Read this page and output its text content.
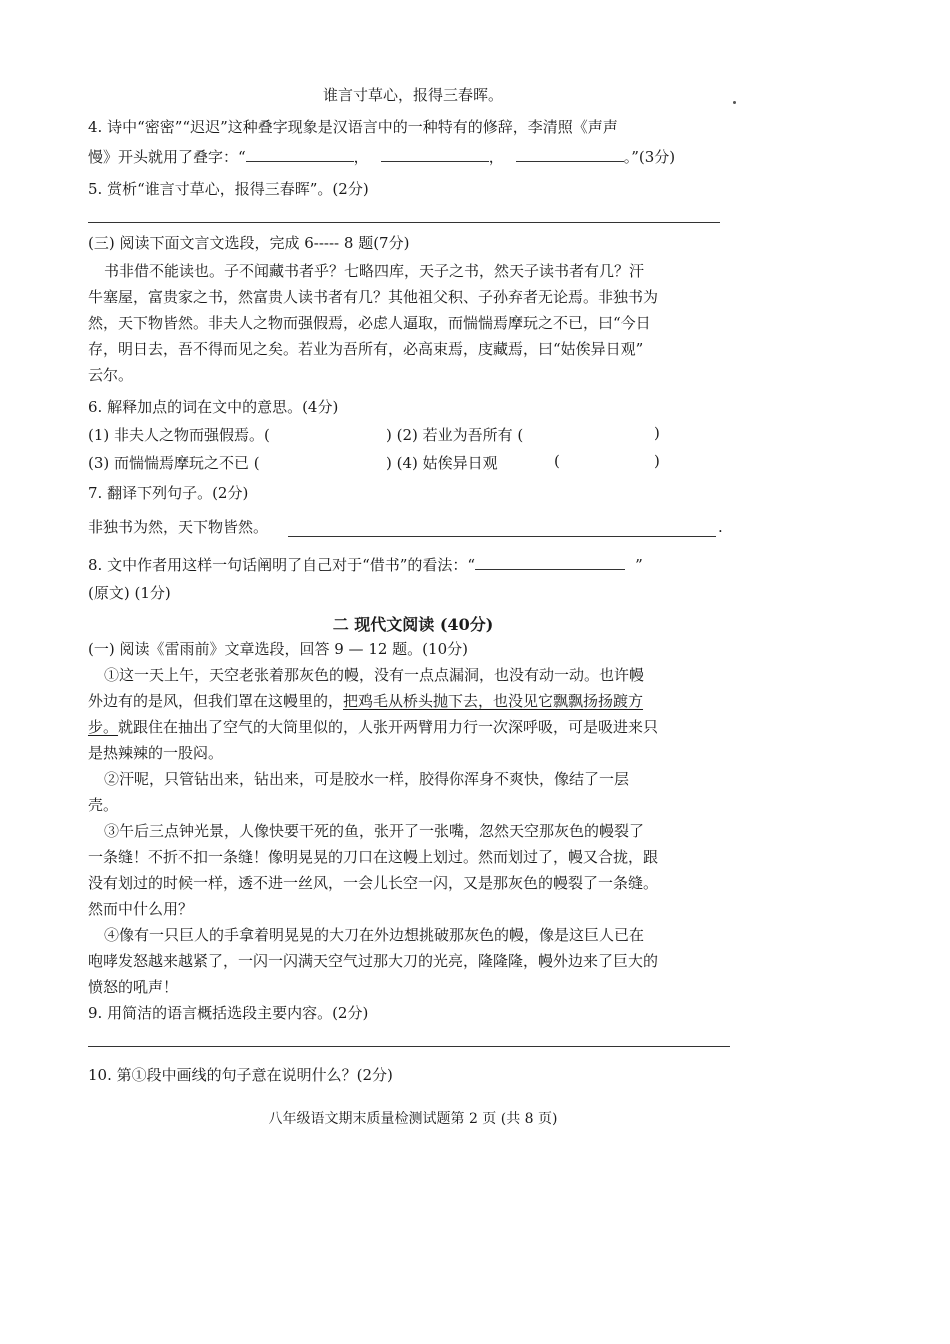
谁言寸草心，报得三春晖。
4. 诗中“密密”“迟迟”这种叠字现象是汉语言中的一种特有的修辞，李清照《声声
慢》开头就用了叠字：“	，	，	。”(3分)
5. 赏析“谁言寸草心，报得三春晖”。(2分)
(三) 阅读下面文言文选段，完成 6----- 8 题(7分)
书非借不能读也。子不闻藏书者乎？七略四库，天子之书，然天子读书者有几？汗
牛塞屋，富贵家之书，然富贵人读书者有几？其他祖父积、子孙弃者无论焉。非独书为
然，天下物皆然。非夫人之物而强假焉，必虑人逼取，而惴惴焉摩玩之不已，曰“今日
存，明日去，吾不得而见之矣。若业为吾所有，必高束焉，庋藏焉，曰“姑俟异日观”
云尔。
6. 解释加点的词在文中的意思。(4分)
(1) 非夫人之物而强假焉。(	) (2) 若业为吾所有 (	)
(3) 而惴惴焉摩玩之不已 (	) (4) 姑俟异日观	(	)
7. 翻译下列句子。(2分)
非独书为然，天下物皆然。	.
8. 文中作者用这样一句话阐明了自己对于“借书”的看法：“	”
(原文) (1分)
二 现代文阅读 (40分)
(一) 阅读《雷雨前》文章选段，回答 9 — 12 题。(10分)
①这一天上午，天空老张着那灰色的幔，没有一点点漏洞，也没有动一动。也许幔
外边有的是风，但我们罩在这幔里的，把鸡毛从桥头抛下去，也没见它飘飘扬扬踱方
步。就跟住在抽出了空气的大筒里似的，人张开两臂用力行一次深呼吸，可是吸进来只
是热辣辣的一股闷。
②汗呢，只管钻出来，钻出来，可是胶水一样，胶得你浑身不爽快，像结了一层
壳。
③午后三点钟光景，人像快要干死的鱼，张开了一张嘴，忽然天空那灰色的幔裂了
一条缝！不折不扣一条缝！像明晃晃的刀口在这幔上划过。然而划过了，幔又合拢，跟
没有划过的时候一样，透不进一丝风，一会儿长空一闪，又是那灰色的幔裂了一条缝。
然而中什么用？
④像有一只巨人的手拿着明晃晃的大刀在外边想挑破那灰色的幔，像是这巨人已在
咆哮发怒越来越紧了，一闪一闪满天空气过那大刀的光亮，隆隆隆，幔外边来了巨大的
愤怒的吼声！
9. 用简洁的语言概括选段主要内容。(2分)
10. 第①段中画线的句子意在说明什么？(2分)
八年级语文期末质量检测试题第 2 页 (共 8 页)
